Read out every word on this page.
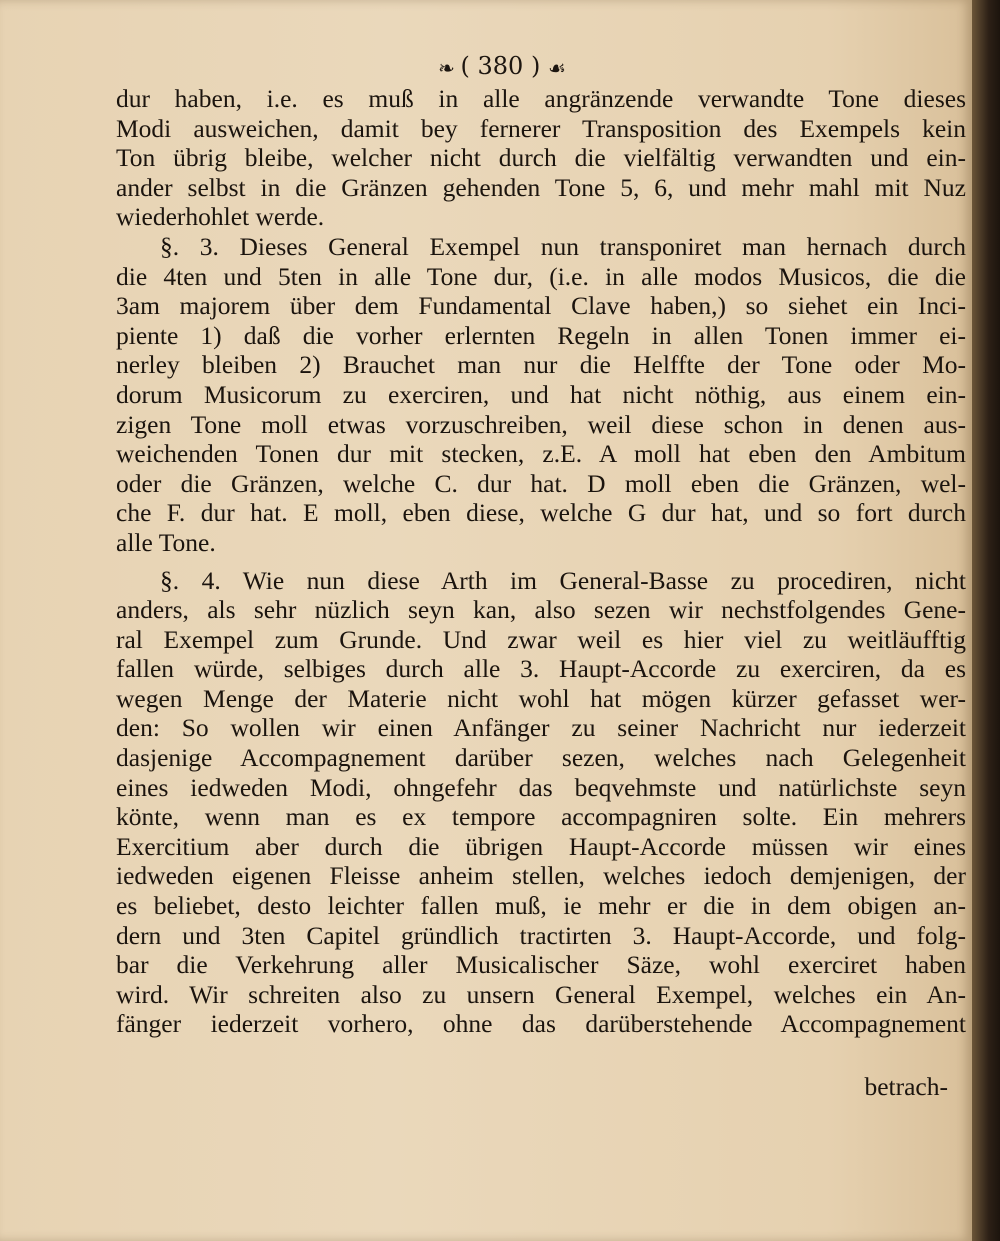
❧ ( 380 ) ☙
dur haben, i.e. es muß in alle angränzende verwandte Tone dieses
Modi ausweichen, damit bey fernerer Transposition des Exempels kein
Ton übrig bleibe, welcher nicht durch die vielfältig verwandten und ein-
ander selbst in die Gränzen gehenden Tone 5, 6, und mehr mahl mit Nuz
wiederhohlet werde.
§. 3. Dieses General Exempel nun transponiret man hernach durch
die 4ten und 5ten in alle Tone dur, (i.e. in alle modos Musicos, die die
3am majorem über dem Fundamental Clave haben,) so siehet ein Inci-
piente 1) daß die vorher erlernten Regeln in allen Tonen immer ei-
nerley bleiben 2) Brauchet man nur die Helffte der Tone oder Mo-
dorum Musicorum zu exerciren, und hat nicht nöthig, aus einem ein-
zigen Tone moll etwas vorzuschreiben, weil diese schon in denen aus-
weichenden Tonen dur mit stecken, z.E. A moll hat eben den Ambitum
oder die Gränzen, welche C. dur hat. D moll eben die Gränzen, wel-
che F. dur hat. E moll, eben diese, welche G dur hat, und so fort durch
alle Tone.
§. 4. Wie nun diese Arth im General-Basse zu procediren, nicht
anders, als sehr nüzlich seyn kan, also sezen wir nechstfolgendes Gene-
ral Exempel zum Grunde. Und zwar weil es hier viel zu weitläufftig
fallen würde, selbiges durch alle 3. Haupt-Accorde zu exerciren, da es
wegen Menge der Materie nicht wohl hat mögen kürzer gefasset wer-
den: So wollen wir einen Anfänger zu seiner Nachricht nur iederzeit
dasjenige Accompagnement darüber sezen, welches nach Gelegenheit
eines iedweden Modi, ohngefehr das beqvehmste und natürlichste seyn
könte, wenn man es ex tempore accompagniren solte. Ein mehrers
Exercitium aber durch die übrigen Haupt-Accorde müssen wir eines
iedweden eigenen Fleisse anheim stellen, welches iedoch demjenigen, der
es beliebet, desto leichter fallen muß, ie mehr er die in dem obigen an-
dern und 3ten Capitel gründlich tractirten 3. Haupt-Accorde, und folg-
bar die Verkehrung aller Musicalischer Säze, wohl exerciret haben
wird. Wir schreiten also zu unsern General Exempel, welches ein An-
fänger iederzeit vorhero, ohne das darüberstehende Accompagnement
betrach-
